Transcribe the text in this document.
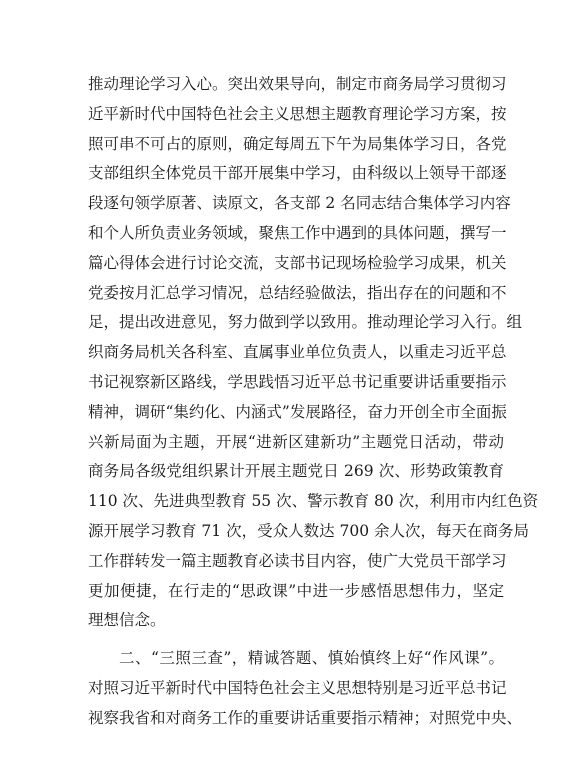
推动理论学习入心。突出效果导向，制定市商务局学习贯彻习
近平新时代中国特色社会主义思想主题教育理论学习方案，按
照可串不可占的原则，确定每周五下午为局集体学习日，各党
支部组织全体党员干部开展集中学习，由科级以上领导干部逐
段逐句领学原著、读原文，各支部 2 名同志结合集体学习内容
和个人所负责业务领域，聚焦工作中遇到的具体问题，撰写一
篇心得体会进行讨论交流，支部书记现场检验学习成果，机关
党委按月汇总学习情况，总结经验做法，指出存在的问题和不
足，提出改进意见，努力做到学以致用。推动理论学习入行。组
织商务局机关各科室、直属事业单位负责人，以重走习近平总
书记视察新区路线，学思践悟习近平总书记重要讲话重要指示
精神，调研“集约化、内涵式”发展路径，奋力开创全市全面振
兴新局面为主题，开展“进新区建新功”主题党日活动，带动
商务局各级党组织累计开展主题党日 269 次、形势政策教育
110 次、先进典型教育 55 次、警示教育 80 次，利用市内红色资
源开展学习教育 71 次，受众人数达 700 余人次，每天在商务局
工作群转发一篇主题教育必读书目内容，使广大党员干部学习
更加便捷，在行走的“思政课”中进一步感悟思想伟力，坚定
理想信念。
二、“三照三查”，精诚答题、慎始慎终上好“作风课”。
对照习近平新时代中国特色社会主义思想特别是习近平总书记
视察我省和对商务工作的重要讲话重要指示精神；对照党中央、
